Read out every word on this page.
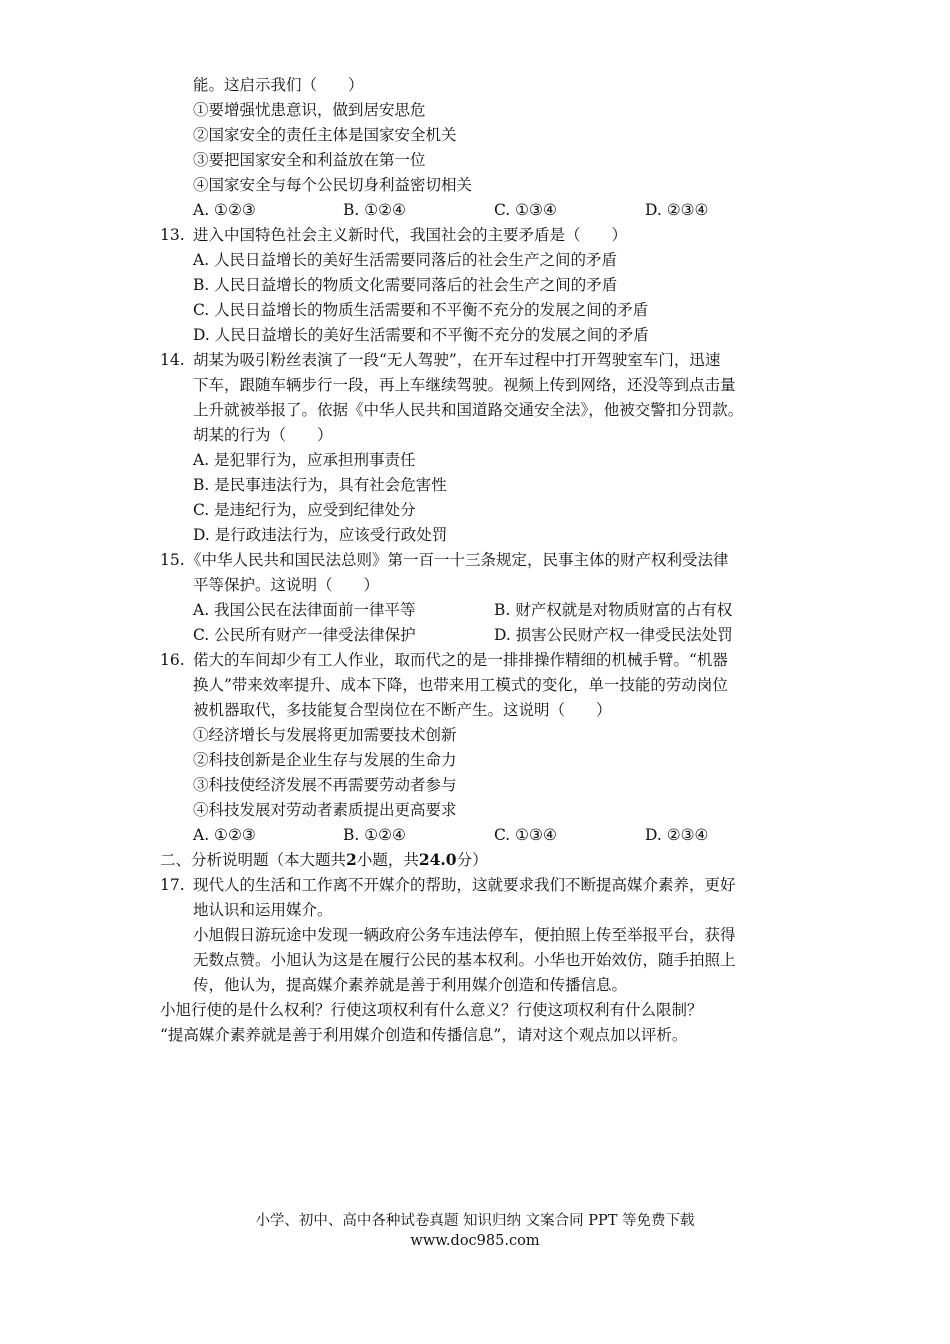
能。这启示我们（　　）
①要增强忧患意识，做到居安思危
②国家安全的责任主体是国家安全机关
③要把国家安全和利益放在第一位
④国家安全与每个公民切身利益密切相关
A. ①②③	B. ①②④	C. ①③④	D. ②③④
13. 进入中国特色社会主义新时代，我国社会的主要矛盾是（　　）
A. 人民日益增长的美好生活需要同落后的社会生产之间的矛盾
B. 人民日益增长的物质文化需要同落后的社会生产之间的矛盾
C. 人民日益增长的物质生活需要和不平衡不充分的发展之间的矛盾
D. 人民日益增长的美好生活需要和不平衡不充分的发展之间的矛盾
14. 胡某为吸引粉丝表演了一段“无人驾驶”，在开车过程中打开驾驶室车门，迅速
下车，跟随车辆步行一段，再上车继续驾驶。视频上传到网络，还没等到点击量
上升就被举报了。依据《中华人民共和国道路交通安全法》，他被交警扣分罚款。
胡某的行为（　　）
A. 是犯罪行为，应承担刑事责任
B. 是民事违法行为，具有社会危害性
C. 是违纪行为，应受到纪律处分
D. 是行政违法行为，应该受行政处罚
15. 《中华人民共和国民法总则》第一百一十三条规定，民事主体的财产权利受法律
平等保护。这说明（　　）
A. 我国公民在法律面前一律平等	B. 财产权就是对物质财富的占有权
C. 公民所有财产一律受法律保护	D. 损害公民财产权一律受民法处罚
16. 偌大的车间却少有工人作业，取而代之的是一排排操作精细的机械手臂。“机器
换人”带来效率提升、成本下降，也带来用工模式的变化，单一技能的劳动岗位
被机器取代，多技能复合型岗位在不断产生。这说明（　　）
①经济增长与发展将更加需要技术创新
②科技创新是企业生存与发展的生命力
③科技使经济发展不再需要劳动者参与
④科技发展对劳动者素质提出更高要求
A. ①②③	B. ①②④	C. ①③④	D. ②③④
二、分析说明题（本大题共2小题，共24.0分）
17. 现代人的生活和工作离不开媒介的帮助，这就要求我们不断提高媒介素养，更好
地认识和运用媒介。
小旭假日游玩途中发现一辆政府公务车违法停车，便拍照上传至举报平台，获得
无数点赞。小旭认为这是在履行公民的基本权利。小华也开始效仿，随手拍照上
传，他认为，提高媒介素养就是善于利用媒介创造和传播信息。
小旭行使的是什么权利？行使这项权利有什么意义？行使这项权利有什么限制？
“提高媒介素养就是善于利用媒介创造和传播信息”，请对这个观点加以评析。
小学、初中、高中各种试卷真题 知识归纳 文案合同 PPT 等免费下载
www.doc985.com
